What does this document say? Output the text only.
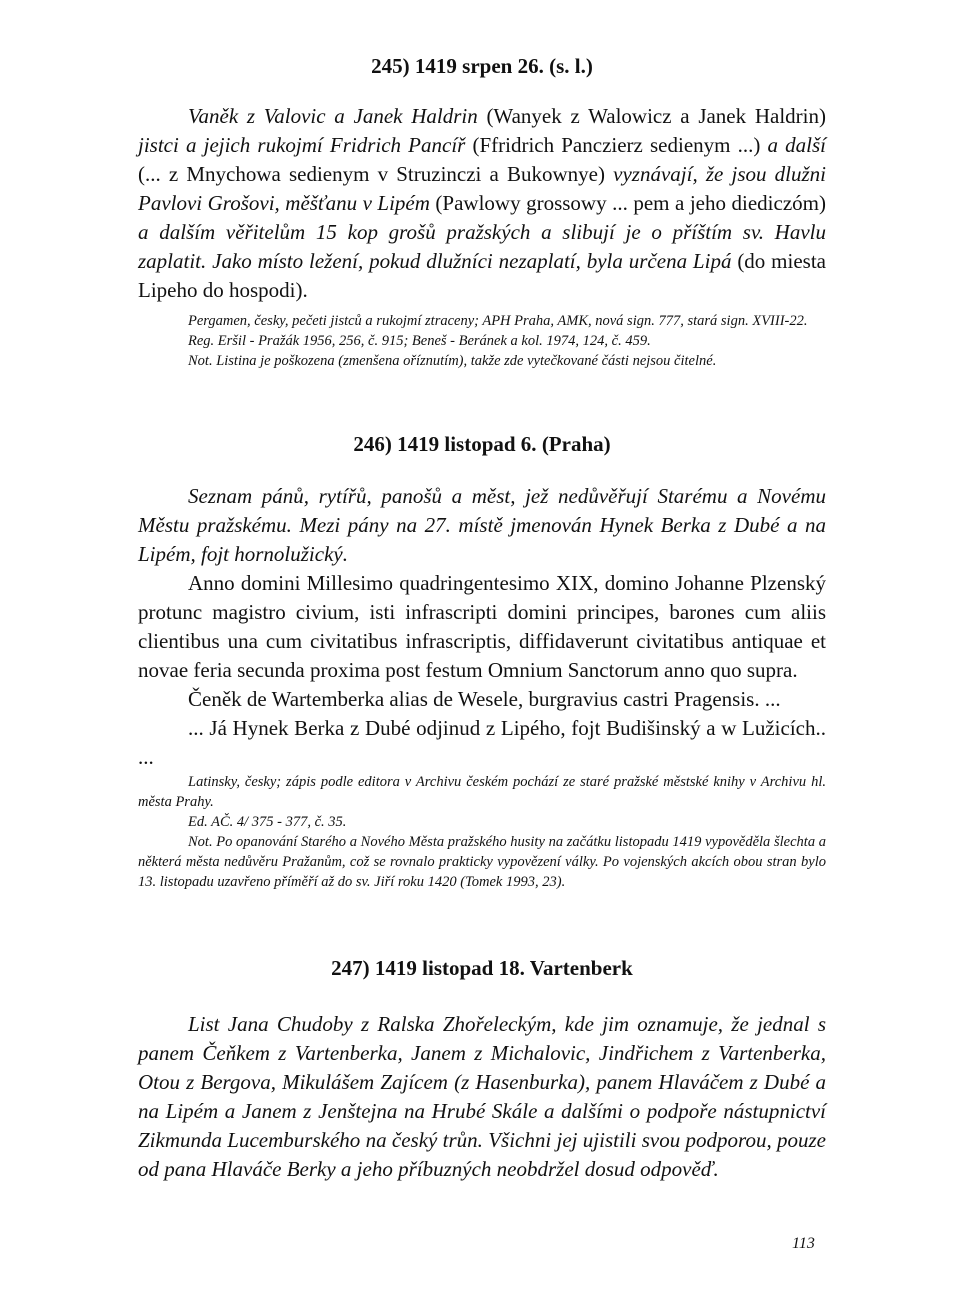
245) 1419 srpen 26. (s. l.)

Vaněk z Valovic a Janek Haldrin (Wanyek z Walowicz a Janek Haldrin) jistci a jejich rukojmí Fridrich Pancíř (Ffridrich Panczierz sedienym ...) a další (... z Mnychowa sedienym v Struzinczi a Bukownye) vyznávají, že jsou dlužni Pavlovi Grošovi, měšťanu v Lipém (Pawlowy grossowy ... pem a jeho diediczóm) a dalším věřitelům 15 kop grošů pražských a slibují je o příštím sv. Havlu zaplatit. Jako místo ležení, pokud dlužníci nezaplatí, byla určena Lipá (do miesta Lipeho do hospodi).

Pergamen, česky, pečeti jistců a rukojmí ztraceny; APH Praha, AMK, nová sign. 777, stará sign. XVIII-22.

Reg. Eršil - Pražák 1956, 256, č. 915; Beneš - Beránek a kol. 1974, 124, č. 459.

Not. Listina je poškozena (zmenšena oříznutím), takže zde vytečkované části nejsou čitelné.

246) 1419 listopad 6. (Praha)

Seznam pánů, rytířů, panošů a měst, jež nedůvěřují Starému a Novému Městu pražskému. Mezi pány na 27. místě jmenován Hynek Berka z Dubé a na Lipém, fojt hornolužický.

Anno domini Millesimo quadringentesimo XIX, domino Johanne Plzenský protunc magistro civium, isti infrascripti domini principes, barones cum aliis clientibus una cum civitatibus infrascriptis, diffidaverunt civitatibus antiquae et novae feria secunda proxima post festum Omnium Sanctorum anno quo supra.

Čeněk de Wartemberka alias de Wesele, burgravius castri Pragensis. ...

... Já Hynek Berka z Dubé odjinud z Lipého, fojt Budišinský a w Lužicích.. ...

Latinsky, česky; zápis podle editora v Archivu českém pochází ze staré pražské městské knihy v Archivu hl. města Prahy.

Ed. AČ. 4/ 375 - 377, č. 35.

Not. Po opanování Starého a Nového Města pražského husity na začátku listopadu 1419 vypověděla šlechta a některá města nedůvěru Pražanům, což se rovnalo prakticky vypovězení války. Po vojenských akcích obou stran bylo 13. listopadu uzavřeno příměří až do sv. Jiří roku 1420 (Tomek 1993, 23).

247) 1419 listopad 18. Vartenberk

List Jana Chudoby z Ralska Zhořeleckým, kde jim oznamuje, že jednal s panem Čeňkem z Vartenberka, Janem z Michalovic, Jindřichem z Vartenberka, Otou z Bergova, Mikulášem Zajícem (z Hasenburka), panem Hlaváčem z Dubé a na Lipém a Janem z Jenštejna na Hrubé Skále a dalšími o podpoře nástupnictví Zikmunda Lucemburského na český trůn. Všichni jej ujistili svou podporou, pouze od pana Hlaváče Berky a jeho příbuzných neobdržel dosud odpověď.

113
